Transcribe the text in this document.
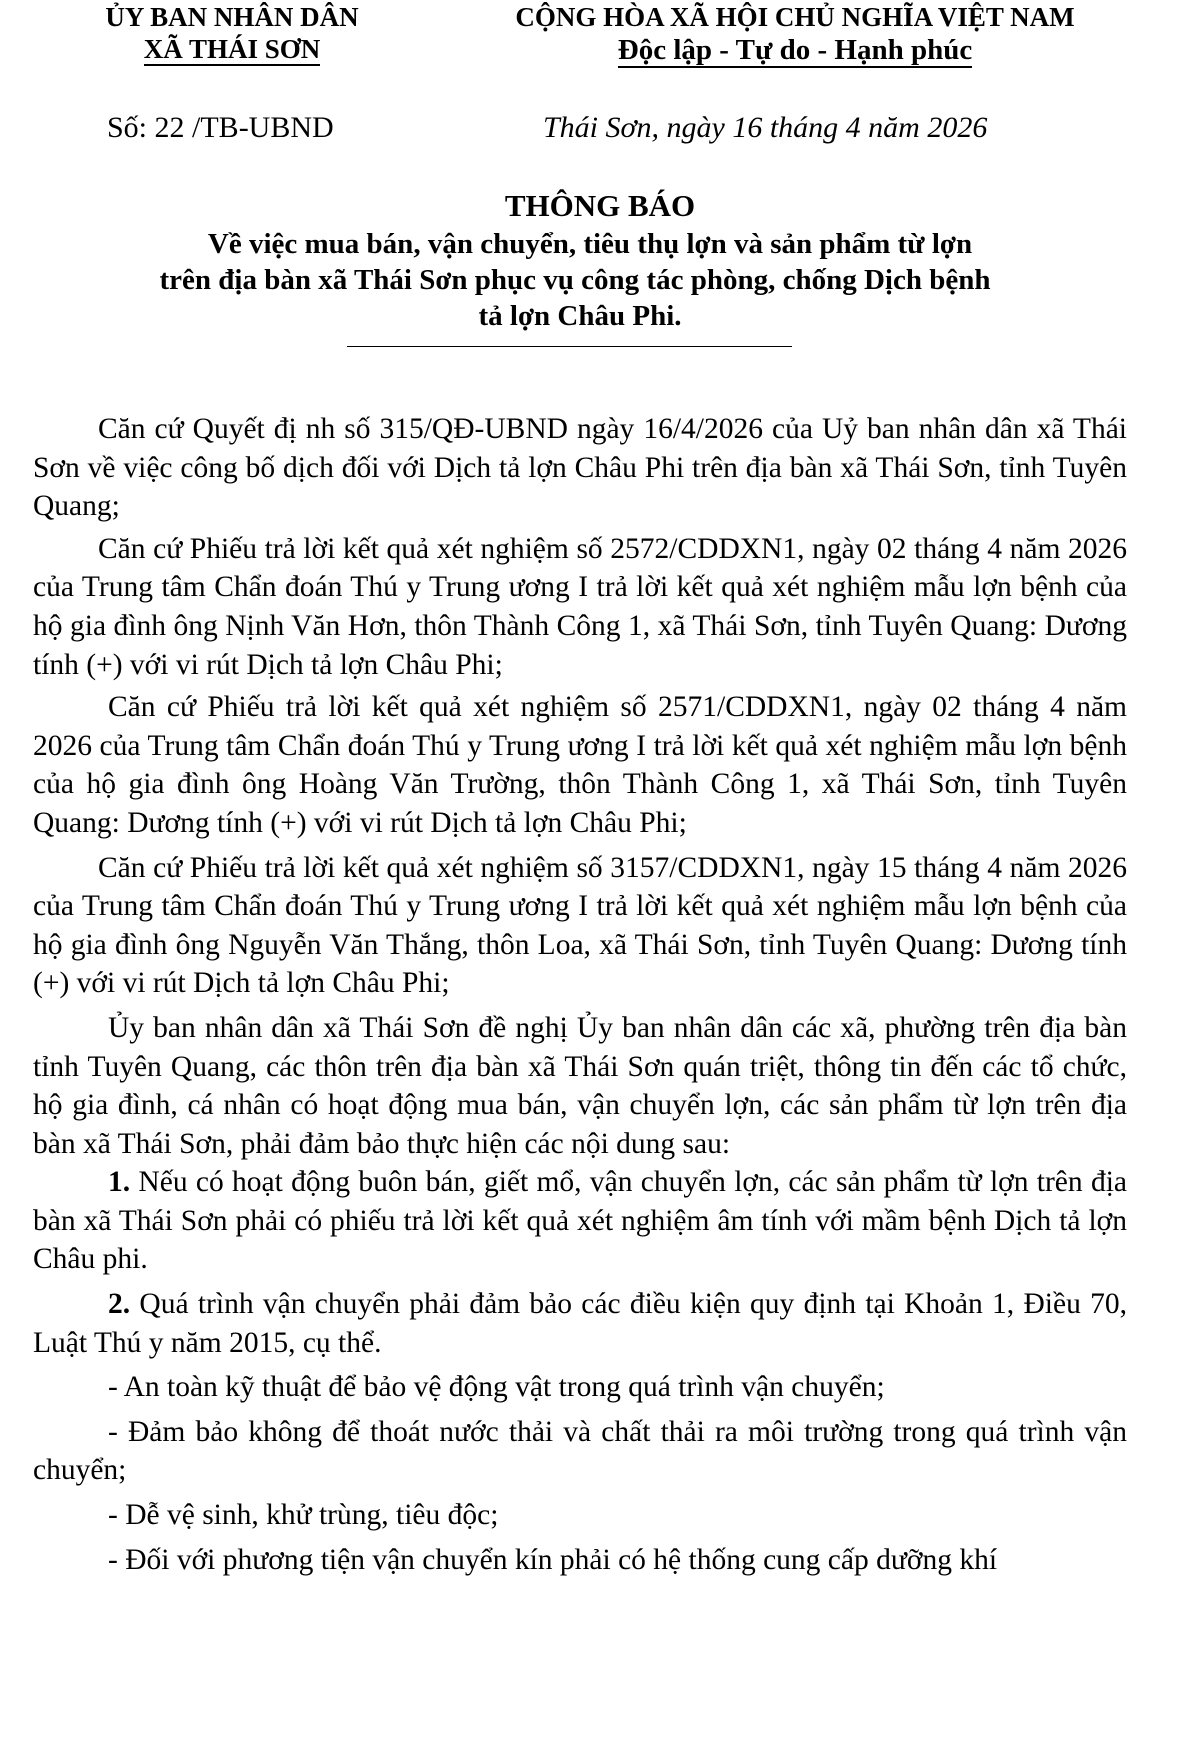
ỦY BAN NHÂN DÂN
XÃ THÁI SƠN
CỘNG HÒA XÃ HỘI CHỦ NGHĨA VIỆT NAM
Độc lập - Tự do - Hạnh phúc
Số: 22 /TB-UBND	Thái Sơn, ngày 16 tháng 4 năm 2026
THÔNG BÁO
Về việc mua bán, vận chuyển, tiêu thụ lợn và sản phẩm từ lợn
trên địa bàn xã Thái Sơn phục vụ công tác phòng, chống Dịch bệnh
tả lợn Châu Phi.

Căn cứ Quyết đị nh số 315/QĐ-UBND ngày 16/4/2026 của Uỷ ban nhân dân xã Thái Sơn về việc công bố dịch đối với Dịch tả lợn Châu Phi trên địa bàn xã Thái Sơn, tỉnh Tuyên Quang;

Căn cứ Phiếu trả lời kết quả xét nghiệm số 2572/CDDXN1, ngày 02 tháng 4 năm 2026 của Trung tâm Chẩn đoán Thú y Trung ương I trả lời kết quả xét nghiệm mẫu lợn bệnh của hộ gia đình ông Nịnh Văn Hơn, thôn Thành Công 1, xã Thái Sơn, tỉnh Tuyên Quang: Dương tính (+) với vi rút Dịch tả lợn Châu Phi;

Căn cứ Phiếu trả lời kết quả xét nghiệm số 2571/CDDXN1, ngày 02 tháng 4 năm 2026 của Trung tâm Chẩn đoán Thú y Trung ương I trả lời kết quả xét nghiệm mẫu lợn bệnh của hộ gia đình ông Hoàng Văn Trường, thôn Thành Công 1, xã Thái Sơn, tỉnh Tuyên Quang: Dương tính (+) với vi rút Dịch tả lợn Châu Phi;

Căn cứ Phiếu trả lời kết quả xét nghiệm số 3157/CDDXN1, ngày 15 tháng 4 năm 2026 của Trung tâm Chẩn đoán Thú y Trung ương I trả lời kết quả xét nghiệm mẫu lợn bệnh của hộ gia đình ông Nguyễn Văn Thắng, thôn Loa, xã Thái Sơn, tỉnh Tuyên Quang: Dương tính (+) với vi rút Dịch tả lợn Châu Phi;

Ủy ban nhân dân xã Thái Sơn đề nghị Ủy ban nhân dân các xã, phường trên địa bàn tỉnh Tuyên Quang, các thôn trên địa bàn xã Thái Sơn quán triệt, thông tin đến các tổ chức, hộ gia đình, cá nhân có hoạt động mua bán, vận chuyển lợn, các sản phẩm từ lợn trên địa bàn xã Thái Sơn, phải đảm bảo thực hiện các nội dung sau:

1. Nếu có hoạt động buôn bán, giết mổ, vận chuyển lợn, các sản phẩm từ lợn trên địa bàn xã Thái Sơn phải có phiếu trả lời kết quả xét nghiệm âm tính với mầm bệnh Dịch tả lợn Châu phi.

2. Quá trình vận chuyển phải đảm bảo các điều kiện quy định tại Khoản 1, Điều 70, Luật Thú y năm 2015, cụ thể.

- An toàn kỹ thuật để bảo vệ động vật trong quá trình vận chuyển;

- Đảm bảo không để thoát nước thải và chất thải ra môi trường trong quá trình vận chuyển;

- Dễ vệ sinh, khử trùng, tiêu độc;

- Đối với phương tiện vận chuyển kín phải có hệ thống cung cấp dưỡng khí
